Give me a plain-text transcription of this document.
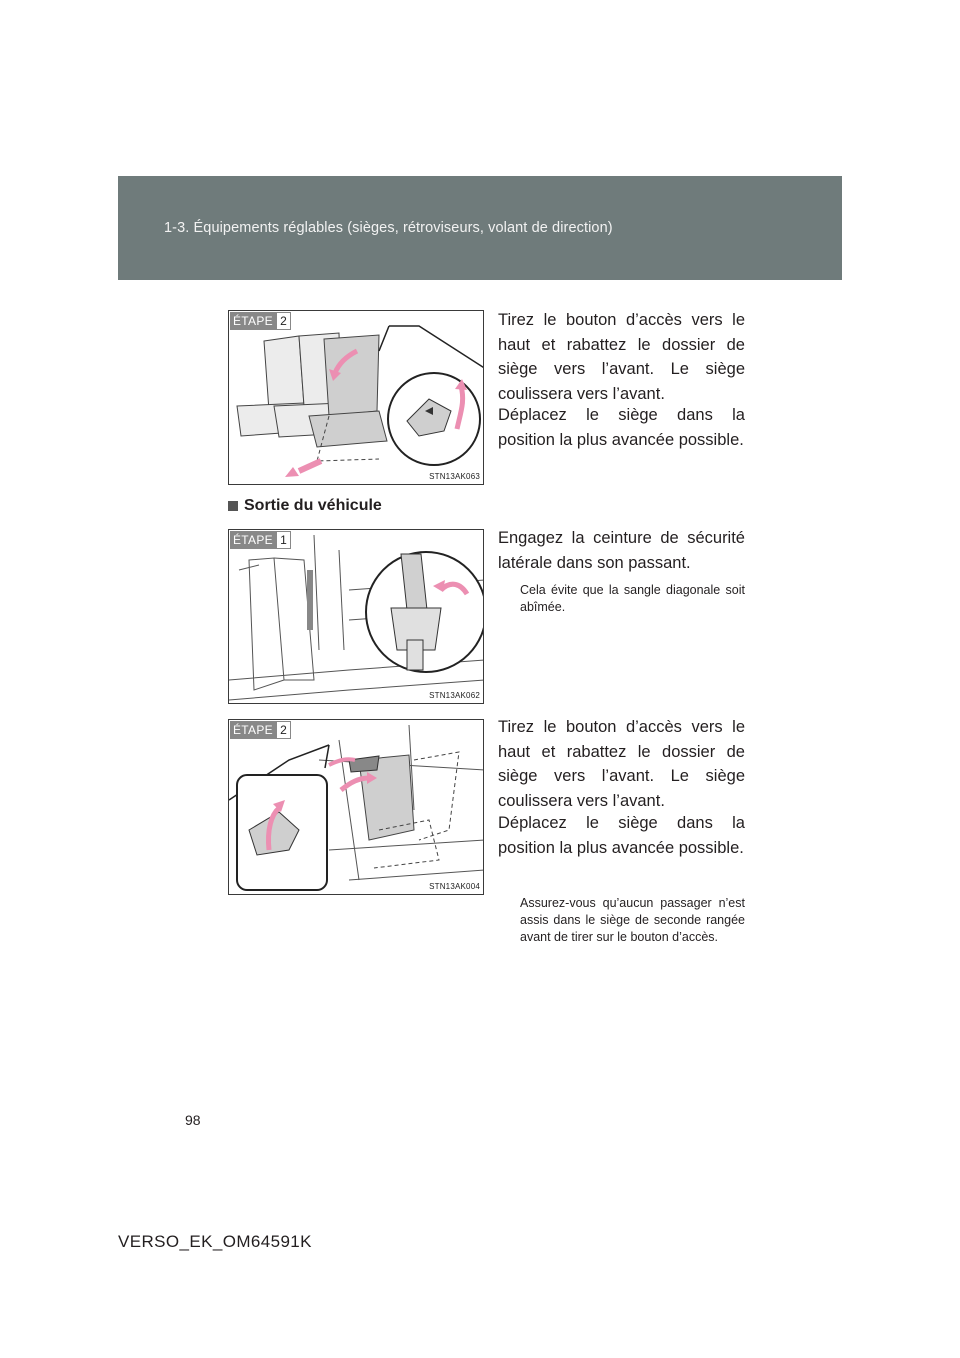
1-3. Équipements réglables (sièges, rétroviseurs, volant de direction)
ÉTAPE 2
STN13AK063

Tirez le bouton d’accès vers le haut et rabattez le dossier de siège vers l’avant. Le siège coulissera vers l’avant.

Déplacez le siège dans la position la plus avancée possible.

Sortie du véhicule
ÉTAPE 1
STN13AK062

Engagez la ceinture de sécurité latérale dans son passant.

Cela évite que la sangle diagonale soit abîmée.

ÉTAPE 2
STN13AK004

Tirez le bouton d’accès vers le haut et rabattez le dossier de siège vers l’avant. Le siège coulissera vers l’avant.

Déplacez le siège dans la position la plus avancée possible.

Assurez-vous qu’aucun passager n’est assis dans le siège de seconde rangée avant de tirer sur le bouton d’accès.

98
VERSO_EK_OM64591K
